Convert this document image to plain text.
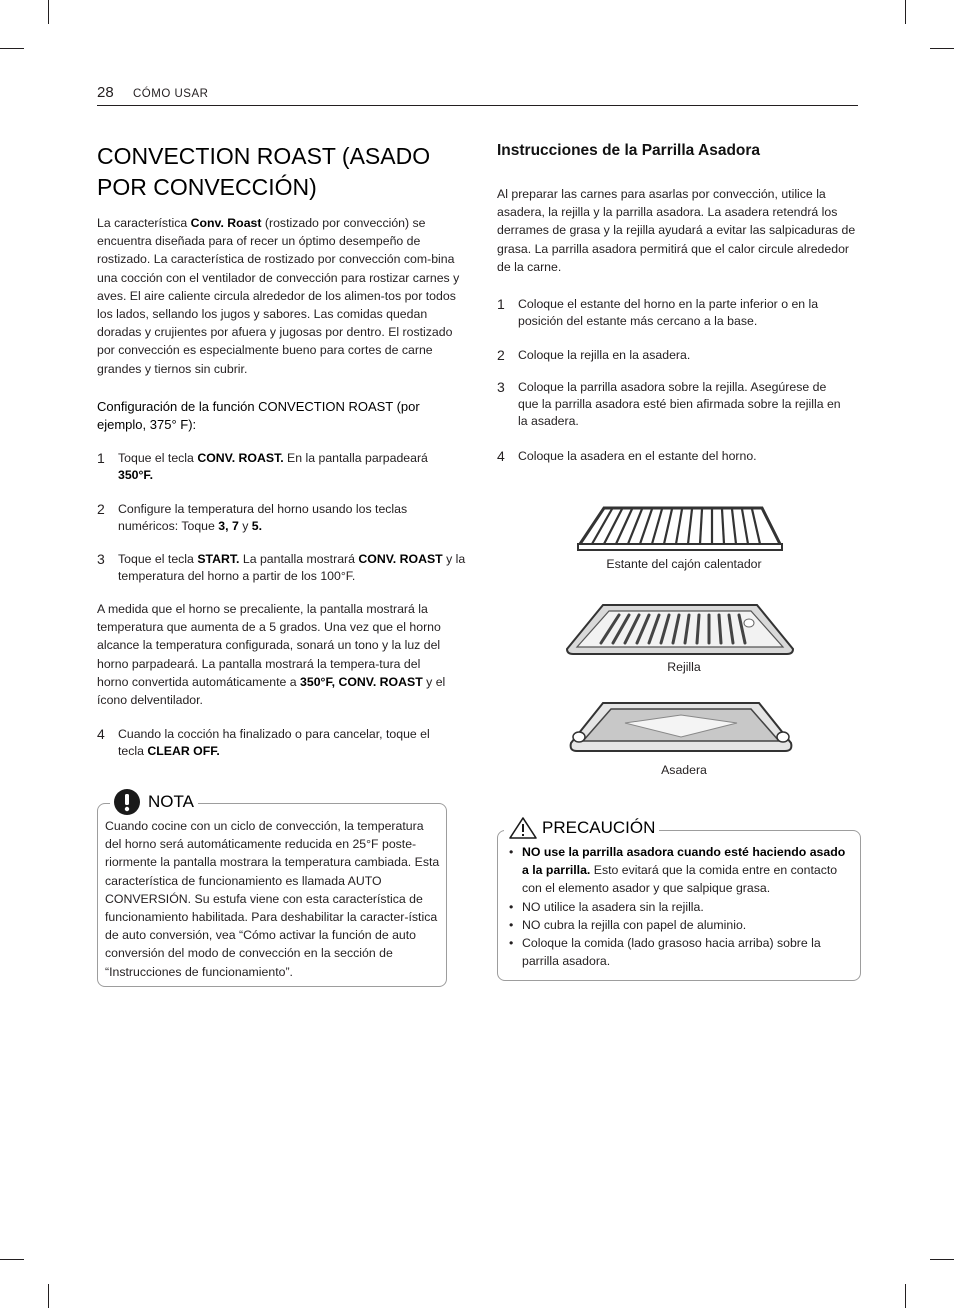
28 CÓMO USAR
CONVECTION ROAST (ASADO POR CONVECCIÓN)

La característica Conv. Roast (rostizado por convección) se encuentra diseñada para of recer un óptimo desempeño de rostizado. La característica de rostizado por convección com-bina una cocción con el ventilador de convección para rostizar carnes y aves. El aire caliente circula alrededor de los alimen-tos por todos los lados, sellando los jugos y sabores. Las comidas quedan doradas y crujientes por afuera y jugosas por dentro. El rostizado por convección es especialmente bueno para cortes de carne grandes y tiernos sin cubrir.

Configuración de la función CONVECTION ROAST (por ejemplo, 375° F):
1	Toque el tecla CONV. ROAST. En la pantalla parpadeará 350°F.
2	Configure la temperatura del horno usando los teclas numéricos: Toque 3, 7 y 5.
3	Toque el tecla START. La pantalla mostrará CONV. ROAST y la temperatura del horno a partir de los 100°F.

A medida que el horno se precaliente, la pantalla mostrará la temperatura que aumenta de a 5 grados. Una vez que el horno alcance la temperatura configurada, sonará un tono y la luz del horno parpadeará. La pantalla mostrará la tempera-tura del horno convertida automáticamente a 350°F, CONV. ROAST y el ícono delventilador.

4	Cuando la cocción ha finalizado o para cancelar, toque el tecla CLEAR OFF.

Cuando cocine con un ciclo de convección, la temperatura del horno será automáticamente reducida en 25°F poste-riormente la pantalla mostrara la temperatura cambiada. Esta característica de funcionamiento es llamada AUTO CONVERSIÓN. Su estufa viene con esta característica de funcionamiento habilitada. Para deshabilitar la caracter-ística de auto conversión, vea “Cómo activar la función de auto conversión del modo de convección en la sección de “Instrucciones de funcionamiento”.

NOTA
Instrucciones de la Parrilla Asadora

Al preparar las carnes para asarlas por convección, utilice la asadera, la rejilla y la parrilla asadora. La asadera retendrá los derrames de grasa y la rejilla ayudará a evitar las salpicaduras de grasa. La parrilla asadora permitirá que el calor circule alrededor de la carne.

1	Coloque el estante del horno en la parte inferior o en la posición del estante más cercano a la base.
2	Coloque la rejilla en la asadera.
3	Coloque la parrilla asadora sobre la rejilla. Asegúrese de que la parrilla asadora esté bien afirmada sobre la rejilla en la asadera.
4	Coloque la asadera en el estante del horno.
Estante del cajón calentador
Rejilla
Asadera
• NO use la parrilla asadora cuando esté haciendo asado a la parrilla. Esto evitará que la comida entre en contacto con el elemento asador y que salpique grasa.
• NO utilice la asadera sin la rejilla.
• NO cubra la rejilla con papel de aluminio.
• Coloque la comida (lado grasoso hacia arriba) sobre la parrilla asadora.
PRECAUCIÓN
